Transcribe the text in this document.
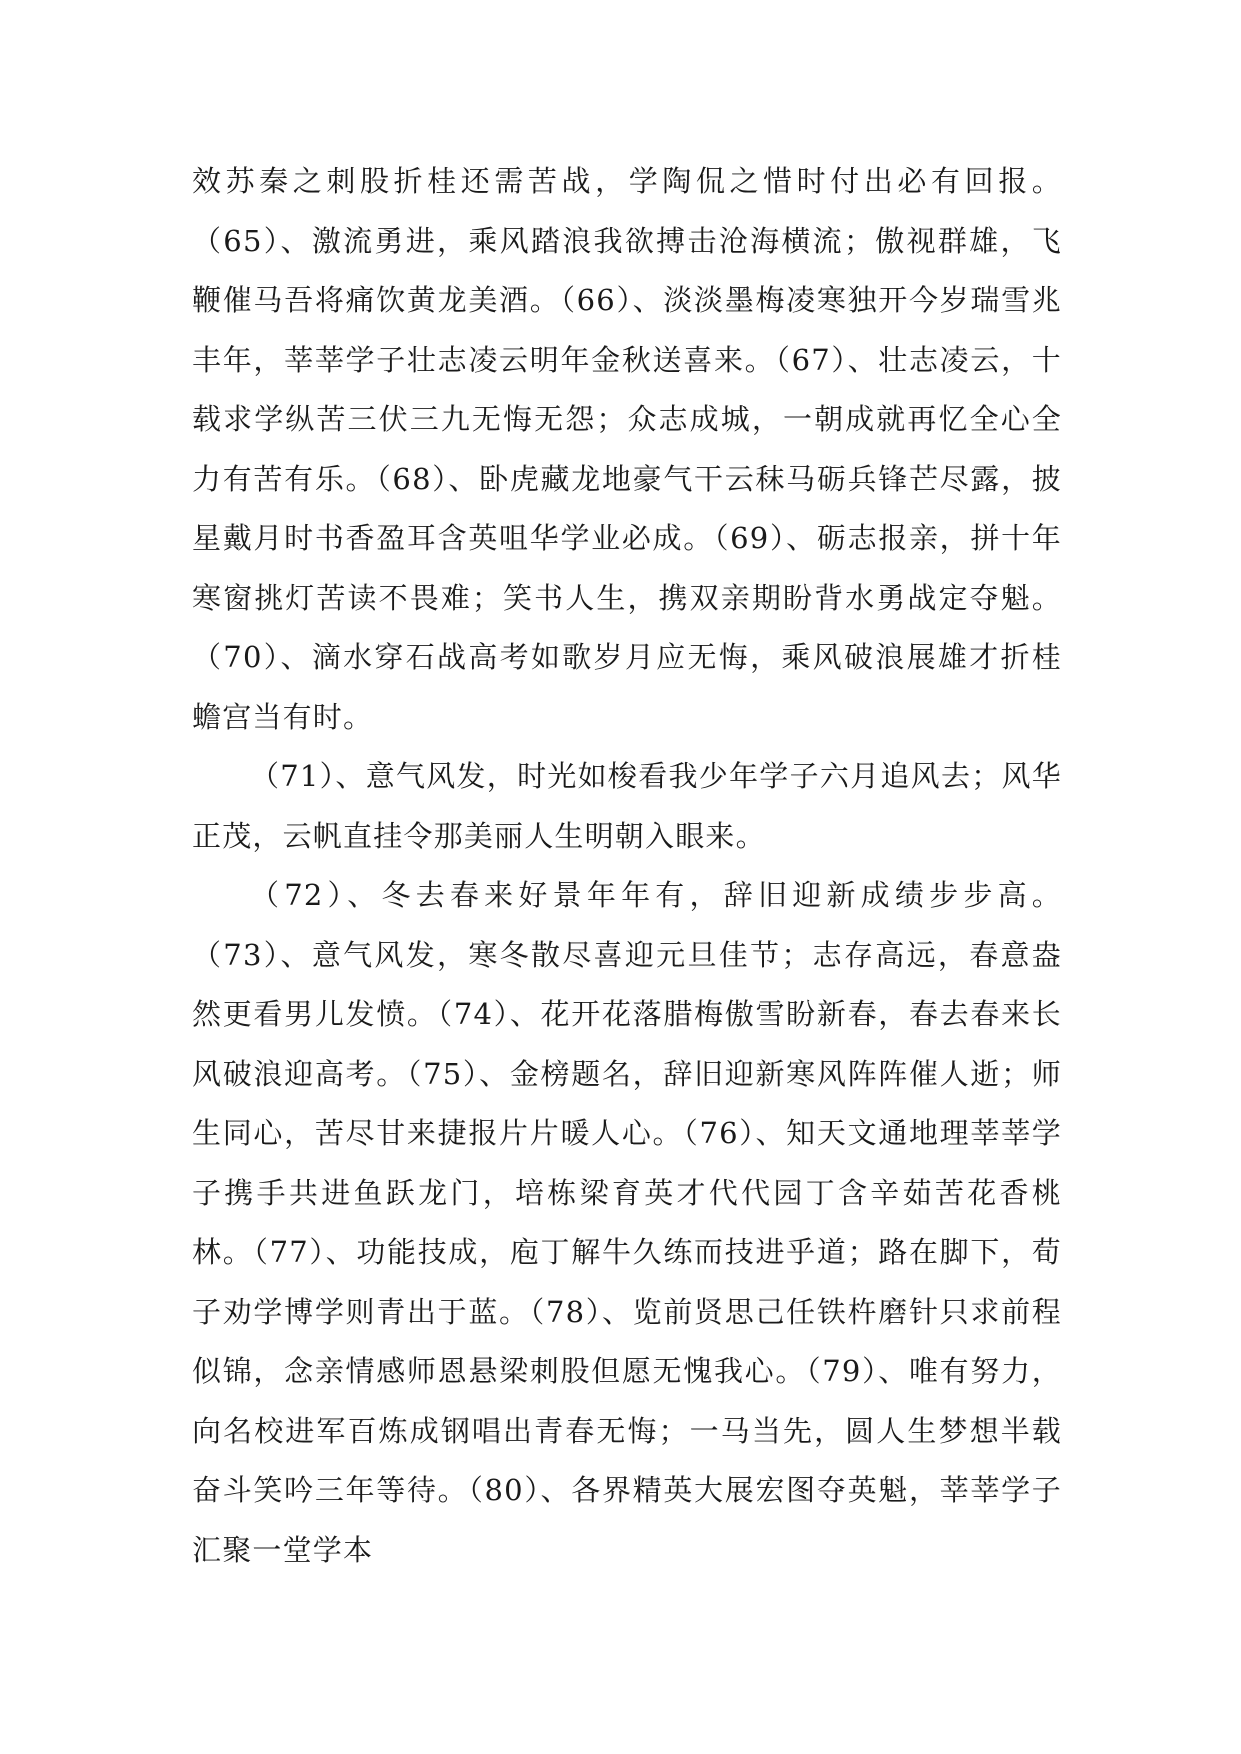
效苏秦之刺股折桂还需苦战，学陶侃之惜时付出必有回报。（65）、激流勇进，乘风踏浪我欲搏击沧海横流；傲视群雄，飞鞭催马吾将痛饮黄龙美酒。（66）、淡淡墨梅凌寒独开今岁瑞雪兆丰年，莘莘学子壮志凌云明年金秋送喜来。（67）、壮志凌云，十载求学纵苦三伏三九无悔无怨；众志成城，一朝成就再忆全心全力有苦有乐。（68）、卧虎藏龙地豪气干云秣马砺兵锋芒尽露，披星戴月时书香盈耳含英咀华学业必成。（69）、砺志报亲，拼十年寒窗挑灯苦读不畏难；笑书人生，携双亲期盼背水勇战定夺魁。（70）、滴水穿石战高考如歌岁月应无悔，乘风破浪展雄才折桂蟾宫当有时。

（71）、意气风发，时光如梭看我少年学子六月追风去；风华正茂，云帆直挂令那美丽人生明朝入眼来。

（72）、冬去春来好景年年有，辞旧迎新成绩步步高。（73）、意气风发，寒冬散尽喜迎元旦佳节；志存高远，春意盎然更看男儿发愤。（74）、花开花落腊梅傲雪盼新春，春去春来长风破浪迎高考。（75）、金榜题名，辞旧迎新寒风阵阵催人逝；师生同心，苦尽甘来捷报片片暖人心。（76）、知天文通地理莘莘学子携手共进鱼跃龙门，培栋梁育英才代代园丁含辛茹苦花香桃林。（77）、功能技成，庖丁解牛久练而技进乎道；路在脚下，荀子劝学博学则青出于蓝。（78）、览前贤思己任铁杵磨针只求前程似锦，念亲情感师恩悬梁刺股但愿无愧我心。（79）、唯有努力，向名校进军百炼成钢唱出青春无悔；一马当先，圆人生梦想半载奋斗笑吟三年等待。（80）、各界精英大展宏图夺英魁，莘莘学子汇聚一堂学本
